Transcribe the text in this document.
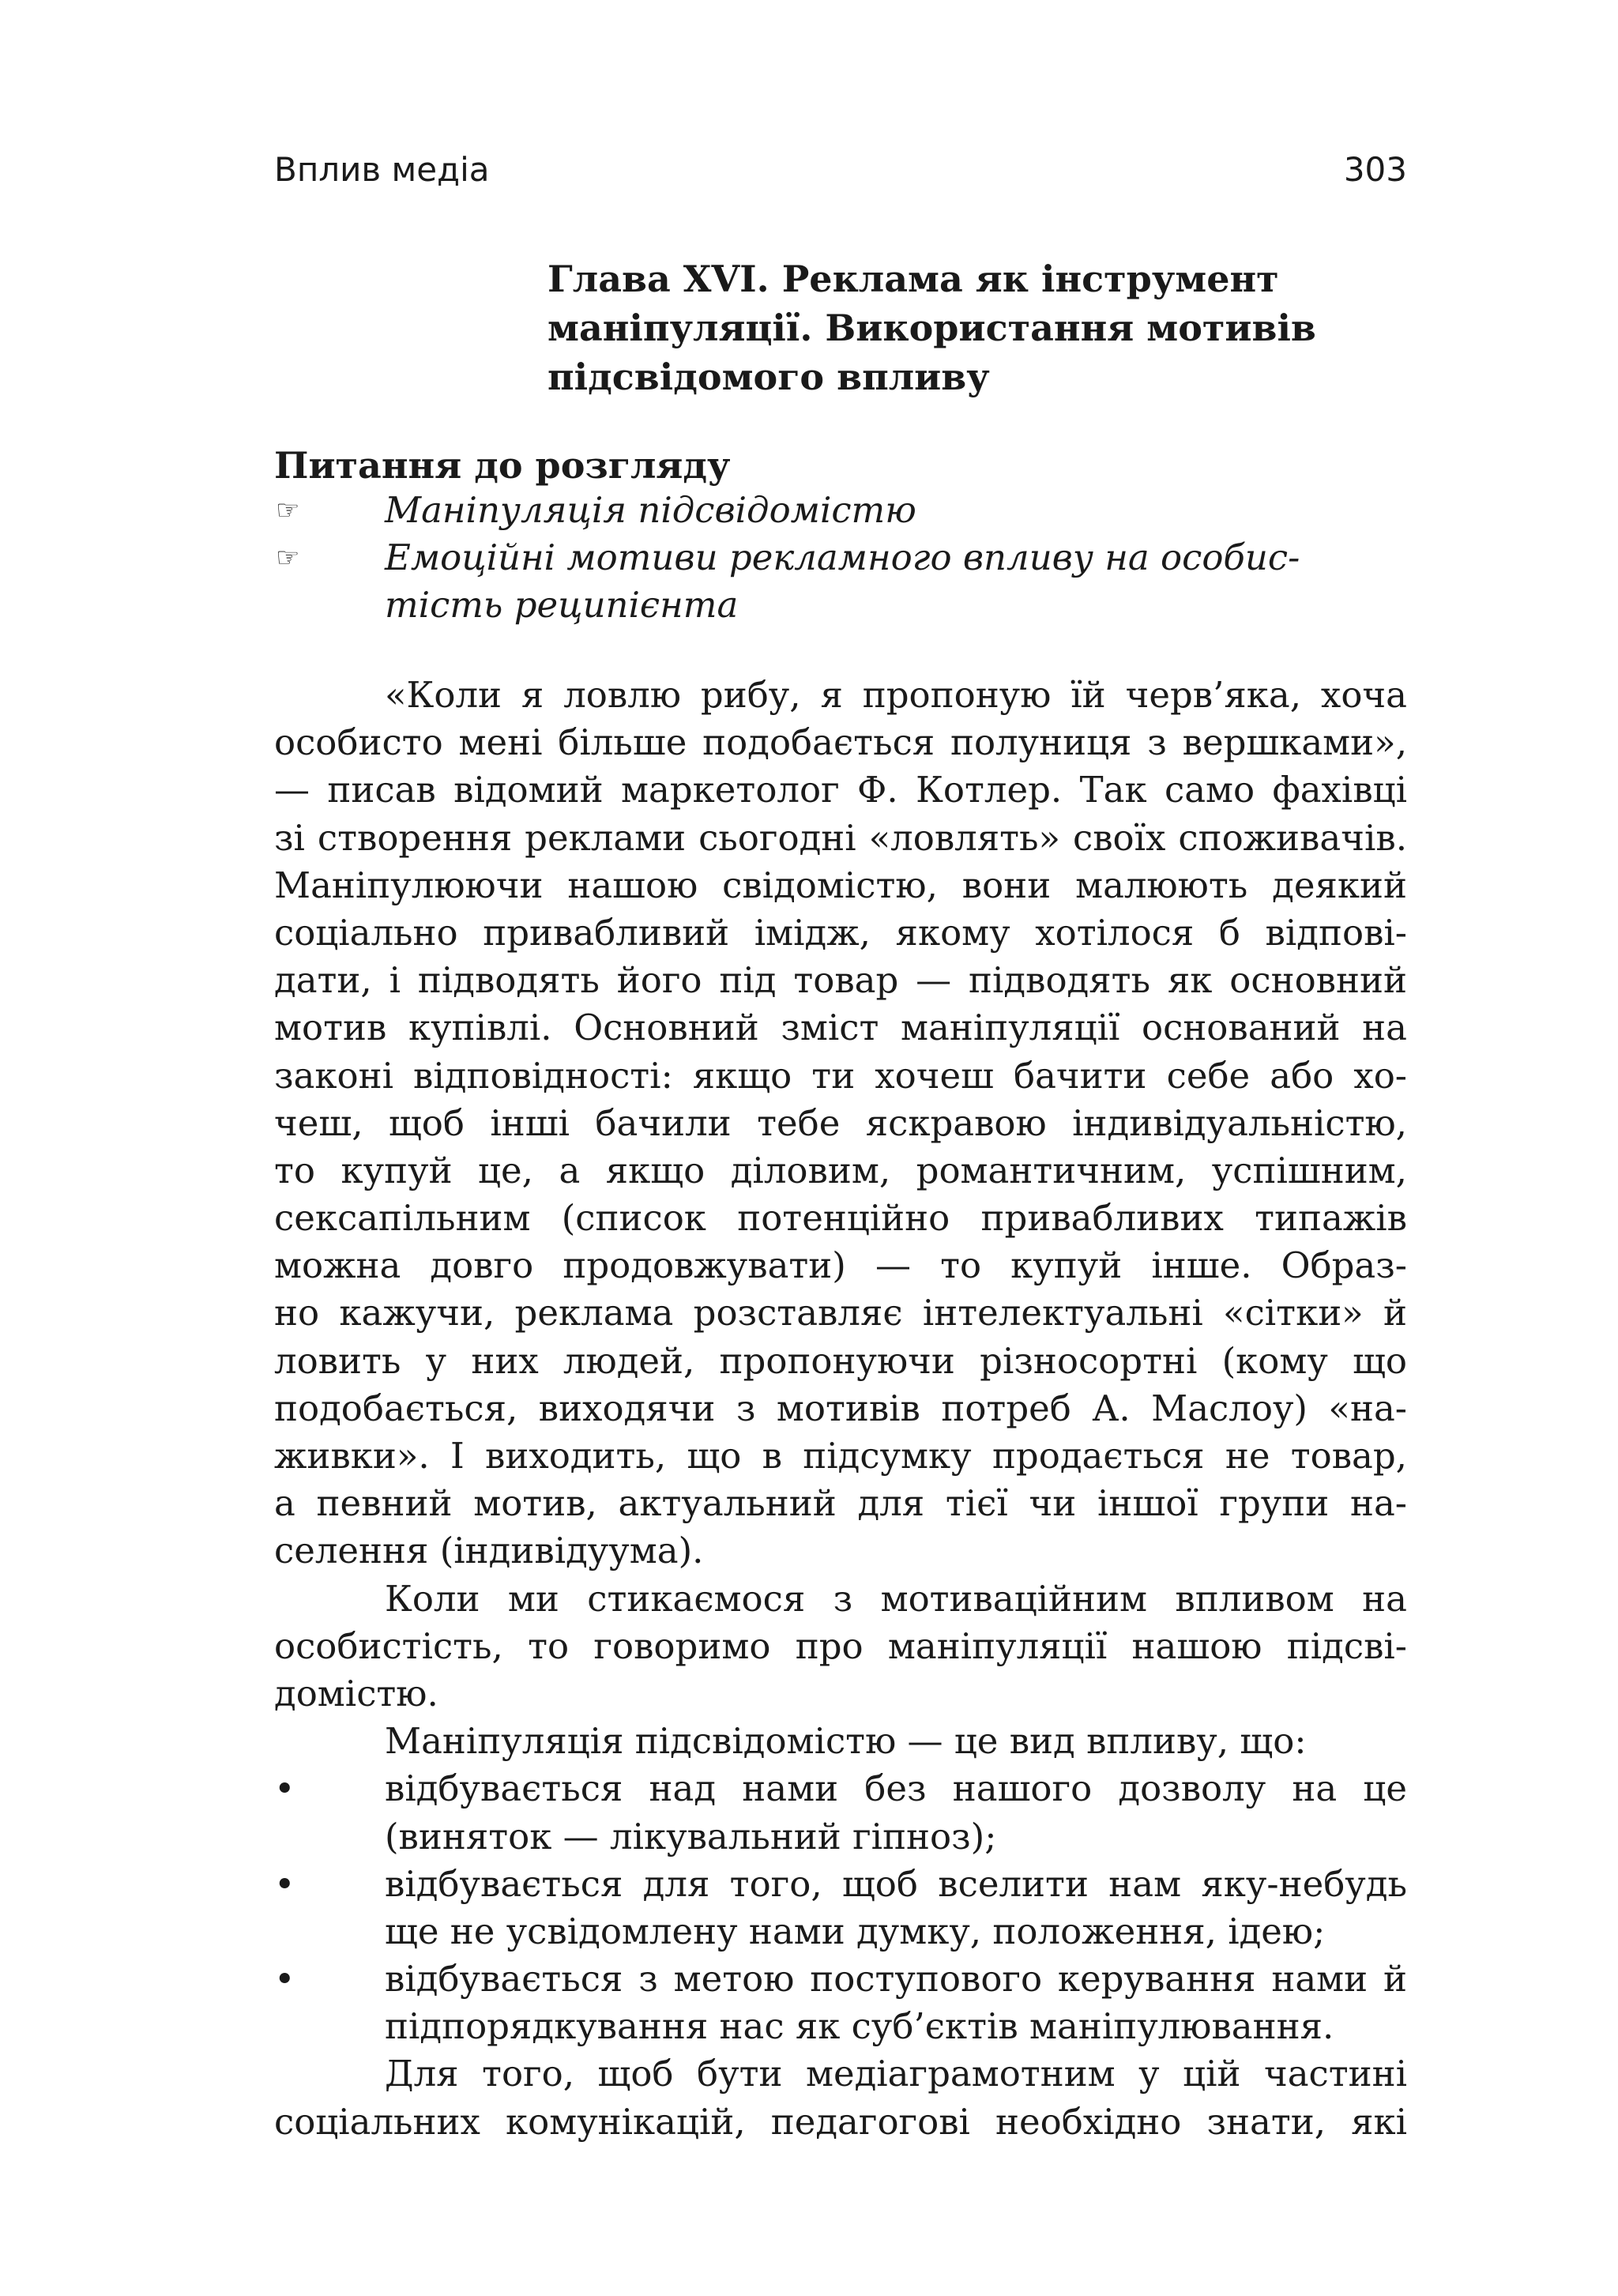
Вплив медіа	303
Глава XVI. Реклама як інструмент
маніпуляції. Використання мотивів
підсвідомого впливу
Питання до розгляду
☞ Маніпуляція підсвідомістю
☞ Емоційні мотиви рекламного впливу на особис-
тість реципієнта
«Коли я ловлю рибу, я пропоную їй черв’яка, хоча
особисто мені більше подобається полуниця з вершками»,
— писав відомий маркетолог Ф. Котлер. Так само фахівці
зі створення реклами сьогодні «ловлять» своїх споживачів.
Маніпулюючи нашою свідомістю, вони малюють деякий
соціально привабливий імідж, якому хотілося б відпові-
дати, і підводять його під товар — підводять як основний
мотив купівлі. Основний зміст маніпуляції оснований на
законі відповідності: якщо ти хочеш бачити себе або хо-
чеш, щоб інші бачили тебе яскравою індивідуальністю,
то купуй це, а якщо діловим, романтичним, успішним,
сексапільним (список потенційно привабливих типажів
можна довго продовжувати) — то купуй інше. Образ-
но кажучи, реклама розставляє інтелектуальні «сітки» й
ловить у них людей, пропонуючи різносортні (кому що
подобається, виходячи з мотивів потреб А. Маслоу) «на-
живки». І виходить, що в підсумку продається не товар,
а певний мотив, актуальний для тієї чи іншої групи на-
селення (індивідуума).
Коли ми стикаємося з мотиваційним впливом на
особистість, то говоримо про маніпуляції нашою підсві-
домістю.
Маніпуляція підсвідомістю — це вид впливу, що:
•	відбувається над нами без нашого дозволу на це
(виняток — лікувальний гіпноз);
•	відбувається для того, щоб вселити нам яку-небудь
ще не усвідомлену нами думку, положення, ідею;
•	відбувається з метою поступового керування нами й
підпорядкування нас як суб’єктів маніпулювання.
Для того, щоб бути медіаграмотним у цій частині
соціальних комунікацій, педагогові необхідно знати, які
